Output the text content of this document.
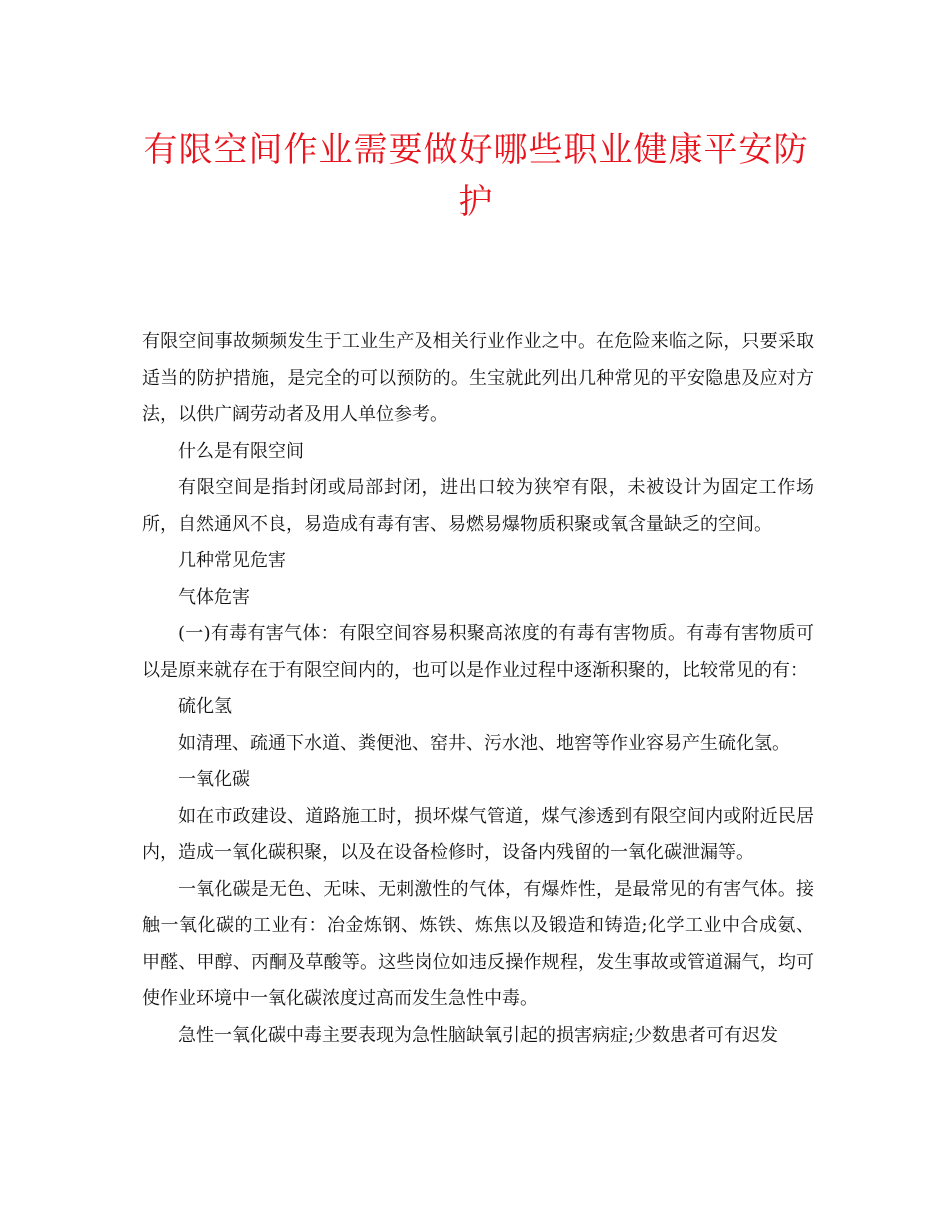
有限空间作业需要做好哪些职业健康平安防护

有限空间事故频频发生于工业生产及相关行业作业之中。在危险来临之际，只要采取适当的防护措施，是完全的可以预防的。生宝就此列出几种常见的平安隐患及应对方法，以供广阔劳动者及用人单位参考。

什么是有限空间

有限空间是指封闭或局部封闭，进出口较为狭窄有限，未被设计为固定工作场所，自然通风不良，易造成有毒有害、易燃易爆物质积聚或氧含量缺乏的空间。

几种常见危害

气体危害

(一)有毒有害气体：有限空间容易积聚高浓度的有毒有害物质。有毒有害物质可以是原来就存在于有限空间内的，也可以是作业过程中逐渐积聚的，比较常见的有：

硫化氢

如清理、疏通下水道、粪便池、窑井、污水池、地窖等作业容易产生硫化氢。

一氧化碳

如在市政建设、道路施工时，损坏煤气管道，煤气渗透到有限空间内或附近民居内，造成一氧化碳积聚，以及在设备检修时，设备内残留的一氧化碳泄漏等。

一氧化碳是无色、无味、无刺激性的气体，有爆炸性，是最常见的有害气体。接触一氧化碳的工业有：冶金炼钢、炼铁、炼焦以及锻造和铸造;化学工业中合成氨、甲醛、甲醇、丙酮及草酸等。这些岗位如违反操作规程，发生事故或管道漏气，均可使作业环境中一氧化碳浓度过高而发生急性中毒。

急性一氧化碳中毒主要表现为急性脑缺氧引起的损害病症;少数患者可有迟发
